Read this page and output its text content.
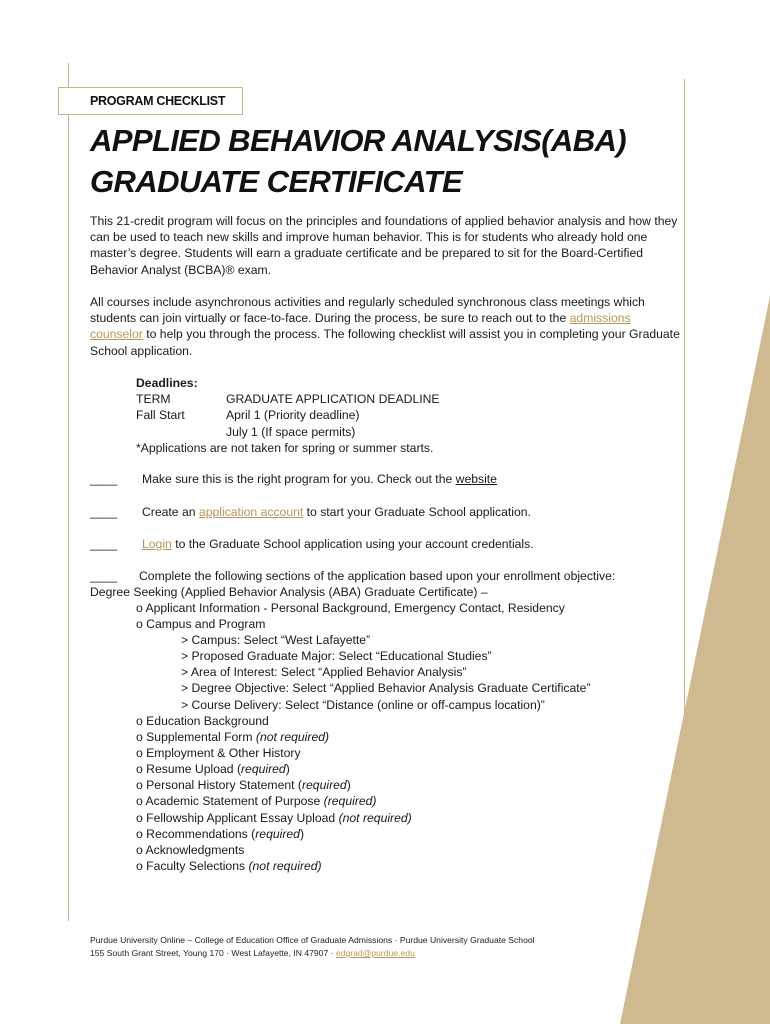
PROGRAM CHECKLIST
APPLIED BEHAVIOR ANALYSIS(ABA)
GRADUATE CERTIFICATE
This 21-credit program will focus on the principles and foundations of applied behavior analysis and how they can be used to teach new skills and improve human behavior. This is for students who already hold one master’s degree. Students will earn a graduate certificate and be prepared to sit for the Board-Certified Behavior Analyst (BCBA)® exam.
All courses include asynchronous activities and regularly scheduled synchronous class meetings which students can join virtually or face-to-face. During the process, be sure to reach out to the admissions counselor to help you through the process. The following checklist will assist you in completing your Graduate School application.
Deadlines:
TERM	GRADUATE APPLICATION DEADLINE
Fall Start	April 1 (Priority deadline)
July 1 (If space permits)
*Applications are not taken for spring or summer starts.
____ Make sure this is the right program for you. Check out the website
____ Create an application account to start your Graduate School application.
____ Login to the Graduate School application using your account credentials.
____ Complete the following sections of the application based upon your enrollment objective:
Degree Seeking (Applied Behavior Analysis (ABA) Graduate Certificate) –
o Applicant Information - Personal Background, Emergency Contact, Residency
o Campus and Program
> Campus: Select “West Lafayette”
> Proposed Graduate Major: Select “Educational Studies”
> Area of Interest: Select “Applied Behavior Analysis”
> Degree Objective: Select “Applied Behavior Analysis Graduate Certificate”
> Course Delivery: Select “Distance (online or off-campus location)”
o Education Background
o Supplemental Form (not required)
o Employment & Other History
o Resume Upload (required)
o Personal History Statement (required)
o Academic Statement of Purpose (required)
o Fellowship Applicant Essay Upload (not required)
o Recommendations (required)
o Acknowledgments
o Faculty Selections (not required)
Purdue University Online – College of Education Office of Graduate Admissions · Purdue University Graduate School
155 South Grant Street, Young 170 · West Lafayette, IN 47907 · edgrad@purdue.edu
